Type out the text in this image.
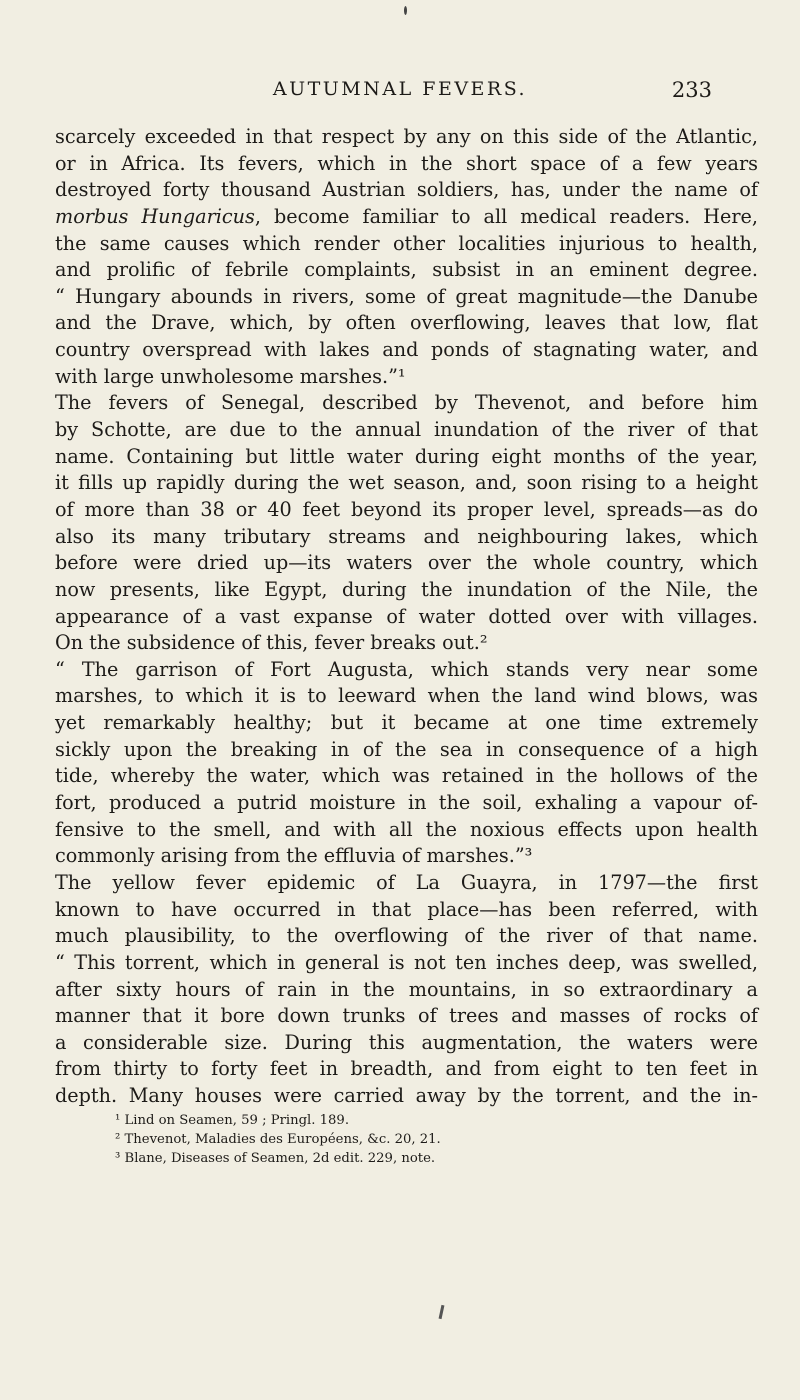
AUTUMNAL FEVERS.	233
scarcely exceeded in that respect by any on this side of the Atlantic,
or in Africa. Its fevers, which in the short space of a few years
destroyed forty thousand Austrian soldiers, has, under the name of
morbus Hungaricus, become familiar to all medical readers. Here,
the same causes which render other localities injurious to health,
and prolific of febrile complaints, subsist in an eminent degree.
“ Hungary abounds in rivers, some of great magnitude—the Danube
and the Drave, which, by often overflowing, leaves that low, flat
country overspread with lakes and ponds of stagnating water, and
with large unwholesome marshes.”¹
The fevers of Senegal, described by Thevenot, and before him
by Schotte, are due to the annual inundation of the river of that
name. Containing but little water during eight months of the year,
it fills up rapidly during the wet season, and, soon rising to a height
of more than 38 or 40 feet beyond its proper level, spreads—as do
also its many tributary streams and neighbouring lakes, which
before were dried up—its waters over the whole country, which
now presents, like Egypt, during the inundation of the Nile, the
appearance of a vast expanse of water dotted over with villages.
On the subsidence of this, fever breaks out.²
“ The garrison of Fort Augusta, which stands very near some
marshes, to which it is to leeward when the land wind blows, was
yet remarkably healthy; but it became at one time extremely
sickly upon the breaking in of the sea in consequence of a high
tide, whereby the water, which was retained in the hollows of the
fort, produced a putrid moisture in the soil, exhaling a vapour of-
fensive to the smell, and with all the noxious effects upon health
commonly arising from the effluvia of marshes.”³
The yellow fever epidemic of La Guayra, in 1797—the first
known to have occurred in that place—has been referred, with
much plausibility, to the overflowing of the river of that name.
“ This torrent, which in general is not ten inches deep, was swelled,
after sixty hours of rain in the mountains, in so extraordinary a
manner that it bore down trunks of trees and masses of rocks of
a considerable size. During this augmentation, the waters were
from thirty to forty feet in breadth, and from eight to ten feet in
depth. Many houses were carried away by the torrent, and the in-
¹ Lind on Seamen, 59 ; Pringl. 189.
² Thevenot, Maladies des Européens, &c. 20, 21.
³ Blane, Diseases of Seamen, 2d edit. 229, note.
